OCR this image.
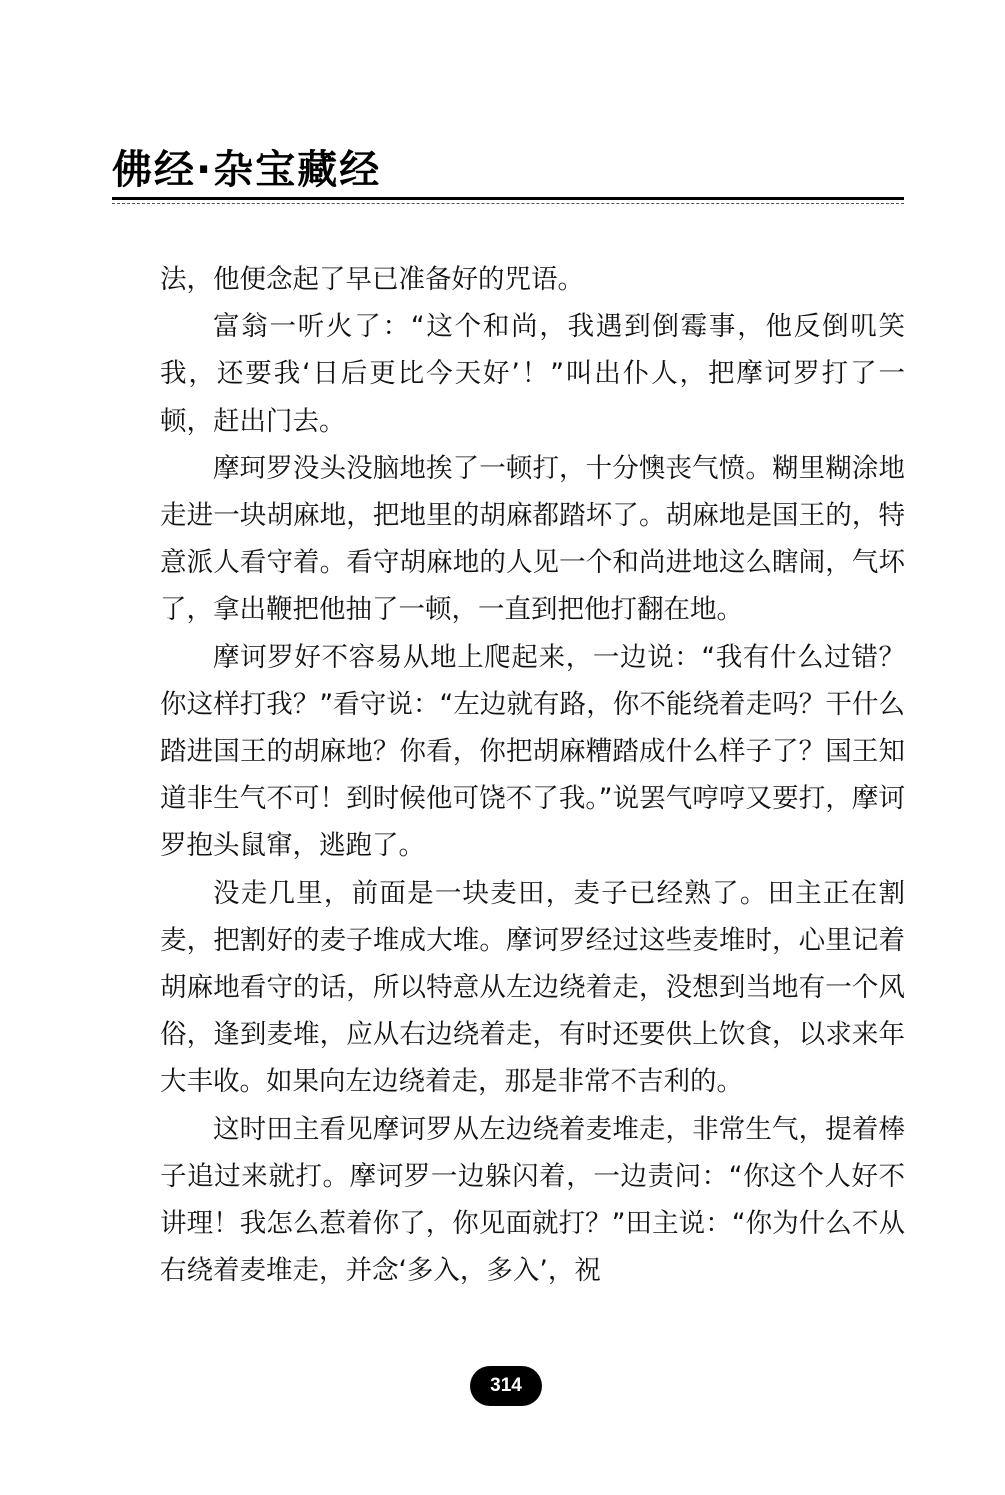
佛经·杂宝藏经

法，他便念起了早已准备好的咒语。

富翁一听火了：“这个和尚，我遇到倒霉事，他反倒叽笑我，还要我‘日后更比今天好’！”叫出仆人，把摩诃罗打了一顿，赶出门去。

摩珂罗没头没脑地挨了一顿打，十分懊丧气愤。糊里糊涂地走进一块胡麻地，把地里的胡麻都踏坏了。胡麻地是国王的，特意派人看守着。看守胡麻地的人见一个和尚进地这么瞎闹，气坏了，拿出鞭把他抽了一顿，一直到把他打翻在地。

摩诃罗好不容易从地上爬起来，一边说：“我有什么过错？你这样打我？”看守说：“左边就有路，你不能绕着走吗？干什么踏进国王的胡麻地？你看，你把胡麻糟踏成什么样子了？国王知道非生气不可！到时候他可饶不了我。”说罢气哼哼又要打，摩诃罗抱头鼠窜，逃跑了。

没走几里，前面是一块麦田，麦子已经熟了。田主正在割麦，把割好的麦子堆成大堆。摩诃罗经过这些麦堆时，心里记着胡麻地看守的话，所以特意从左边绕着走，没想到当地有一个风俗，逢到麦堆，应从右边绕着走，有时还要供上饮食，以求来年大丰收。如果向左边绕着走，那是非常不吉利的。

这时田主看见摩诃罗从左边绕着麦堆走，非常生气，提着棒子追过来就打。摩诃罗一边躲闪着，一边责问：“你这个人好不讲理！我怎么惹着你了，你见面就打？”田主说：“你为什么不从右绕着麦堆走，并念‘多入，多入’，祝

314
